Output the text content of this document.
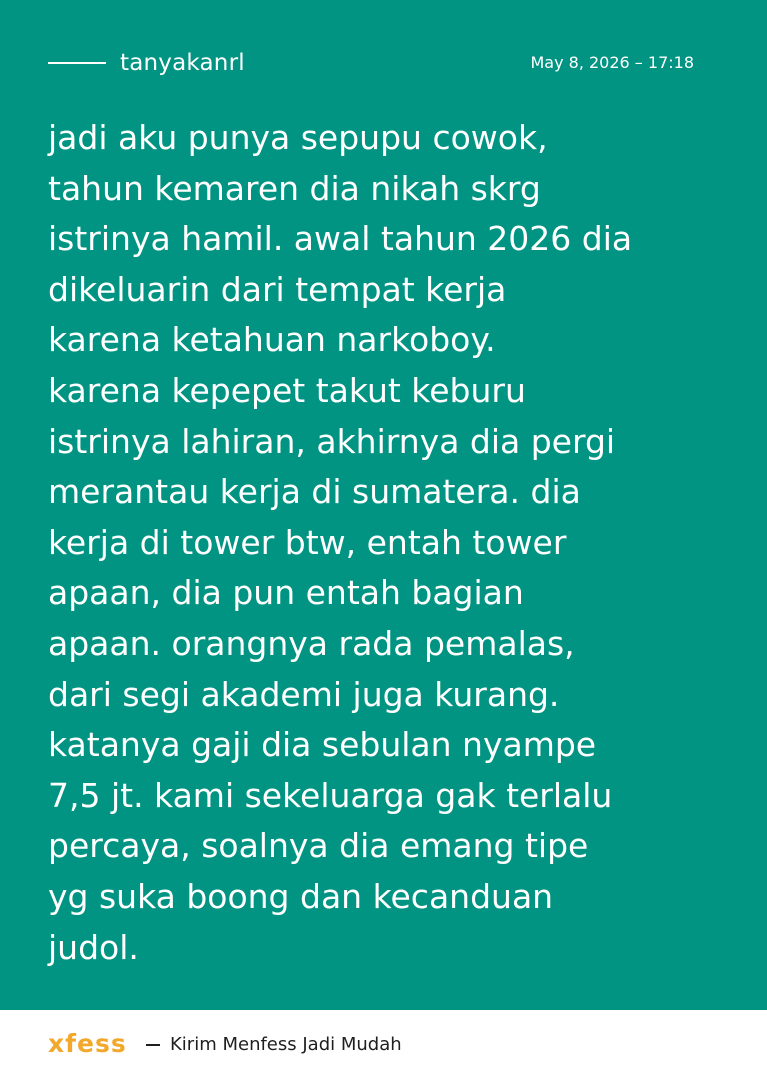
tanyakanrl	May 8, 2026 – 17:18
jadi aku punya sepupu cowok,
tahun kemaren dia nikah skrg
istrinya hamil. awal tahun 2026 dia
dikeluarin dari tempat kerja
karena ketahuan narkoboy.
karena kepepet takut keburu
istrinya lahiran, akhirnya dia pergi
merantau kerja di sumatera. dia
kerja di tower btw, entah tower
apaan, dia pun entah bagian
apaan. orangnya rada pemalas,
dari segi akademi juga kurang.
katanya gaji dia sebulan nyampe
7,5 jt. kami sekeluarga gak terlalu
percaya, soalnya dia emang tipe
yg suka boong dan kecanduan
judol.
xfess Kirim Menfess Jadi Mudah
